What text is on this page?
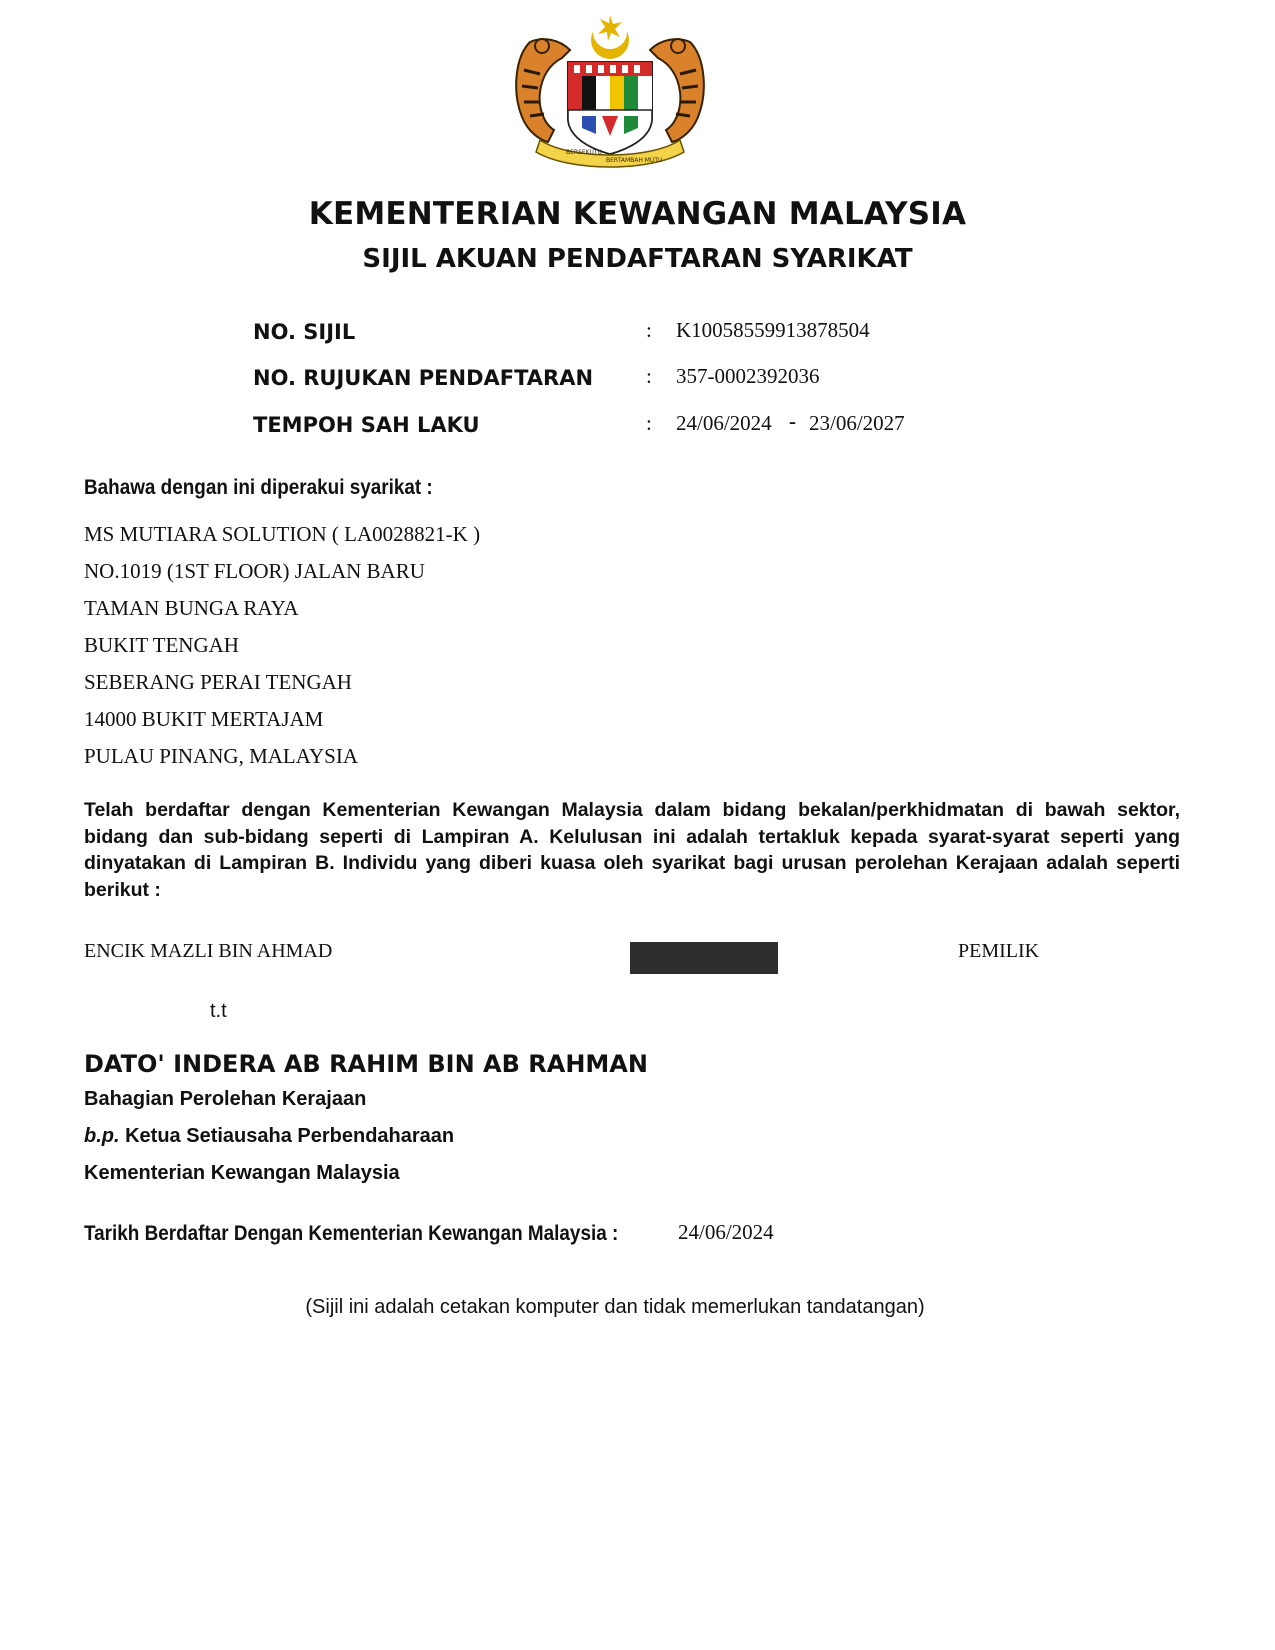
BERSEKUTU
BERTAMBAH MUTU
KEMENTERIAN KEWANGAN MALAYSIA
SIJIL AKUAN PENDAFTARAN SYARIKAT
NO. SIJIL	: K10058559913878504
NO. RUJUKAN PENDAFTARAN	: 357-0002392036
TEMPOH SAH LAKU	: 24/06/2024 - 23/06/2027
Bahawa dengan ini diperakui syarikat :
MS MUTIARA SOLUTION ( LA0028821-K )
NO.1019 (1ST FLOOR) JALAN BARU
TAMAN BUNGA RAYA
BUKIT TENGAH
SEBERANG PERAI TENGAH
14000 BUKIT MERTAJAM
PULAU PINANG, MALAYSIA
Telah berdaftar dengan Kementerian Kewangan Malaysia dalam bidang bekalan/perkhidmatan di bawah sektor, bidang dan sub-bidang seperti di Lampiran A. Kelulusan ini adalah tertakluk kepada syarat-syarat seperti yang dinyatakan di Lampiran B. Individu yang diberi kuasa oleh syarikat bagi urusan perolehan Kerajaan adalah seperti berikut :
ENCIK MAZLI BIN AHMAD	PEMILIK
t.t
DATO' INDERA AB RAHIM BIN AB RAHMAN
Bahagian Perolehan Kerajaan
b.p. Ketua Setiausaha Perbendaharaan
Kementerian Kewangan Malaysia
Tarikh Berdaftar Dengan Kementerian Kewangan Malaysia :	24/06/2024
(Sijil ini adalah cetakan komputer dan tidak memerlukan tandatangan)
